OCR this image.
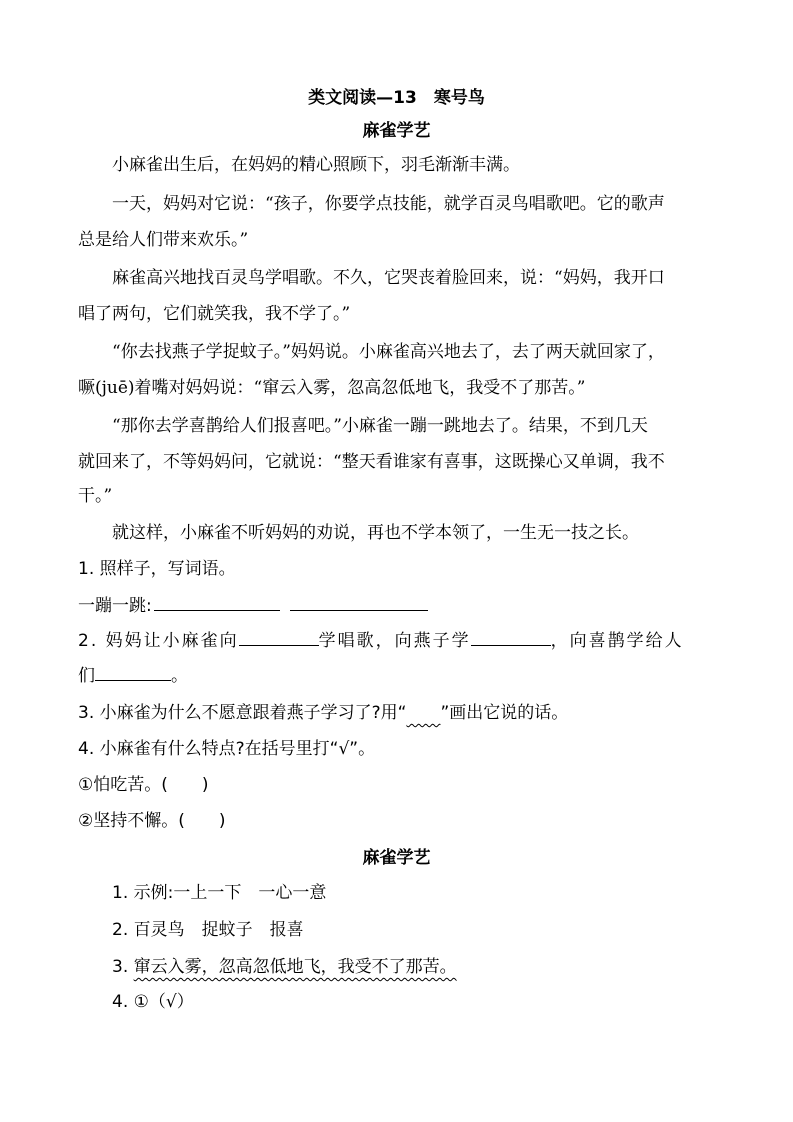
类文阅读—13　寒号鸟
麻雀学艺
小麻雀出生后，在妈妈的精心照顾下，羽毛渐渐丰满。
一天，妈妈对它说：“孩子，你要学点技能，就学百灵鸟唱歌吧。它的歌声
总是给人们带来欢乐。”
麻雀高兴地找百灵鸟学唱歌。不久，它哭丧着脸回来，说：“妈妈，我开口
唱了两句，它们就笑我，我不学了。”
“你去找燕子学捉蚊子。”妈妈说。小麻雀高兴地去了，去了两天就回家了，
噘(juē)着嘴对妈妈说：“窜云入雾，忽高忽低地飞，我受不了那苦。”
“那你去学喜鹊给人们报喜吧。”小麻雀一蹦一跳地去了。结果，不到几天
就回来了，不等妈妈问，它就说：“整天看谁家有喜事，这既操心又单调，我不
干。”
就这样，小麻雀不听妈妈的劝说，再也不学本领了，一生无一技之长。
1. 照样子，写词语。
一蹦一跳:
2. 妈妈让小麻雀向	学唱歌，向燕子学	，向喜鹊学给人
们	。
3. 小麻雀为什么不愿意跟着燕子学习了?用“　　 ”画出它说的话。
4. 小麻雀有什么特点?在括号里打“√”。
①怕吃苦。(　　)
②坚持不懈。(　　)
麻雀学艺
1. 示例:一上一下　一心一意
2. 百灵鸟　捉蚊子　报喜
3. 窜云入雾，忽高忽低地飞，我受不了那苦。
4. ①（√）
